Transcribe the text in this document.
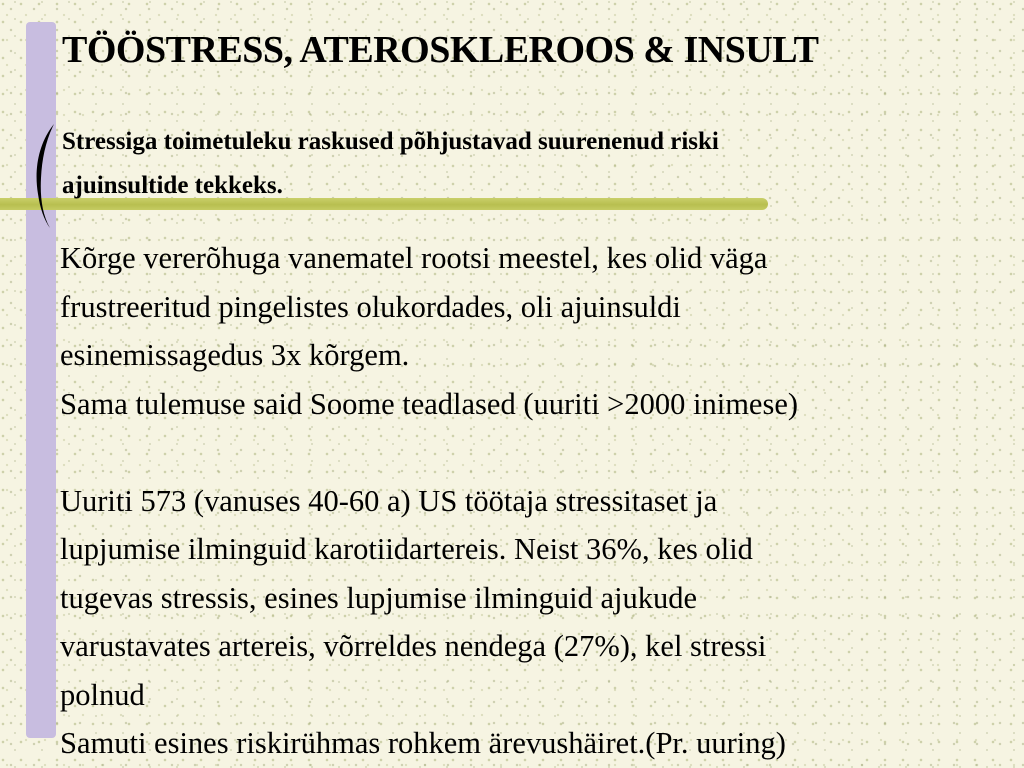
TÖÖSTRESS, ATEROSKLEROOS & INSULT
Stressiga toimetuleku raskused põhjustavad suurenenud riski
ajuinsultide tekkeks.

Kõrge vererõhuga vanematel rootsi meestel, kes olid väga

frustreeritud pingelistes olukordades, oli ajuinsuldi

esinemissagedus 3x kõrgem.

Sama tulemuse said Soome teadlased (uuriti >2000 inimese)

Uuriti 573 (vanuses 40-60 a) US töötaja stressitaset ja

lupjumise ilminguid karotiidartereis. Neist 36%, kes olid

tugevas stressis, esines lupjumise ilminguid ajukude

varustavates artereis, võrreldes nendega (27%), kel stressi

polnud

Samuti esines riskirühmas rohkem ärevushäiret.(Pr. uuring)
